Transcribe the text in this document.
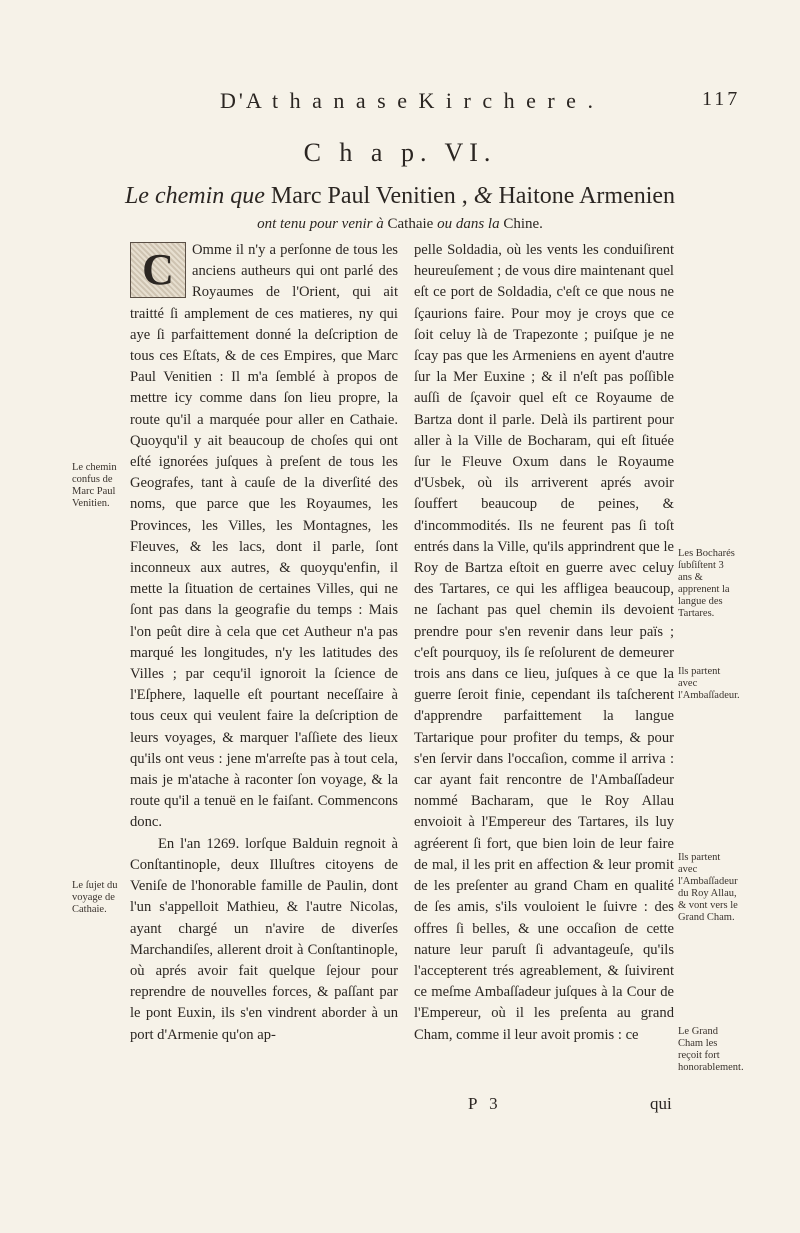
D'A t h a n a s e K i r c h e r e .	117
C h a p. VI.
Le chemin que Marc Paul Venitien , & Haitone Armenien
ont tenu pour venir à Cathaie ou dans la Chine.
C	Omme il n'y a perſonne de tous les anciens autheurs qui ont parlé des Royaumes de l'Orient, qui ait traitté ſi amplement de ces matieres, ny qui aye ſi parfaittement donné la deſcription de tous ces Eſtats, & de ces Empires, que Marc Paul Venitien : Il m'a ſemblé à propos de mettre icy comme dans ſon lieu propre, la route qu'il a marquée pour aller en Cathaie. Quoyqu'il y ait beaucoup de choſes qui ont eſté ignorées juſques à preſent de tous les Geografes, tant à cauſe de la diverſité des noms, que parce que les Royaumes, les Provinces, les Villes, les Montagnes, les Fleuves, & les lacs, dont il parle, ſont inconneux aux autres, & quoyqu'enfin, il mette la ſituation de certaines Villes, qui ne ſont pas dans la geografie du temps : Mais l'on peût dire à cela que cet Autheur n'a pas marqué les longitudes, n'y les latitudes des Villes ; par cequ'il ignoroit la ſcience de l'Eſphere, laquelle eſt pourtant neceſſaire à tous ceux qui veulent faire la deſcription de leurs voyages, & marquer l'aſſiete des lieux qu'ils ont veus : jene m'arreſte pas à tout cela, mais je m'atache à raconter ſon voyage, & la route qu'il a tenuë en le faiſant. Commencons donc.

En l'an 1269. lorſque Balduin regnoit à Conſtantinople, deux Illuſtres citoyens de Veniſe de l'honorable famille de Paulin, dont l'un s'appelloit Mathieu, & l'autre Nicolas, ayant chargé un n'avire de diverſes Marchandiſes, allerent droit à Conſtantinople, où aprés avoir fait quelque ſejour pour reprendre de nouvelles forces, & paſſant par le pont Euxin, ils s'en vindrent aborder à un port d'Armenie qu'on ap-

pelle Soldadia, où les vents les conduiſirent heureuſement ; de vous dire maintenant quel eſt ce port de Soldadia, c'eſt ce que nous ne ſçaurions faire. Pour moy je croys que ce ſoit celuy là de Trapezonte ; puiſque je ne ſcay pas que les Armeniens en ayent d'autre ſur la Mer Euxine ; & il n'eſt pas poſſible auſſi de ſçavoir quel eſt ce Royaume de Bartza dont il parle. Delà ils partirent pour aller à la Ville de Bocharam, qui eſt ſituée ſur le Fleuve Oxum dans le Royaume d'Usbek, où ils arriverent aprés avoir ſouffert beaucoup de peines, & d'incommodités. Ils ne feurent pas ſi toſt entrés dans la Ville, qu'ils apprindrent que le Roy de Bartza eſtoit en guerre avec celuy des Tartares, ce qui les affligea beaucoup, ne ſachant pas quel chemin ils devoient prendre pour s'en revenir dans leur païs ; c'eſt pourquoy, ils ſe reſolurent de demeurer trois ans dans ce lieu, juſques à ce que la guerre ſeroit finie, cependant ils taſcherent d'apprendre parfaittement la langue Tartarique pour profiter du temps, & pour s'en ſervir dans l'occaſion, comme il arriva : car ayant fait rencontre de l'Ambaſſadeur nommé Bacharam, que le Roy Allau envoioit à l'Empereur des Tartares, ils luy agréerent ſi fort, que bien loin de leur faire de mal, il les prit en affection & leur promit de les preſenter au grand Cham en qualité de ſes amis, s'ils vouloient le ſuivre : des offres ſi belles, & une occaſion de cette nature leur paruſt ſi advantageuſe, qu'ils l'accepterent trés agreablement, & ſuivirent ce meſme Ambaſſadeur juſques à la Cour de l'Empereur, où il les preſenta au grand Cham, comme il leur avoit promis : ce

Le chemin confus de Marc Paul Venitien.
Le ſujet du voyage de Cathaie.
Les Bocharés ſubſiſtent 3 ans & apprenent la langue des Tartares.
Ils partent avec l'Ambaſſadeur.
Ils partent avec l'Ambaſſadeur du Roy Allau, & vont vers le Grand Cham.
Le Grand Cham les reçoit fort honorablement.
P 3	qui
